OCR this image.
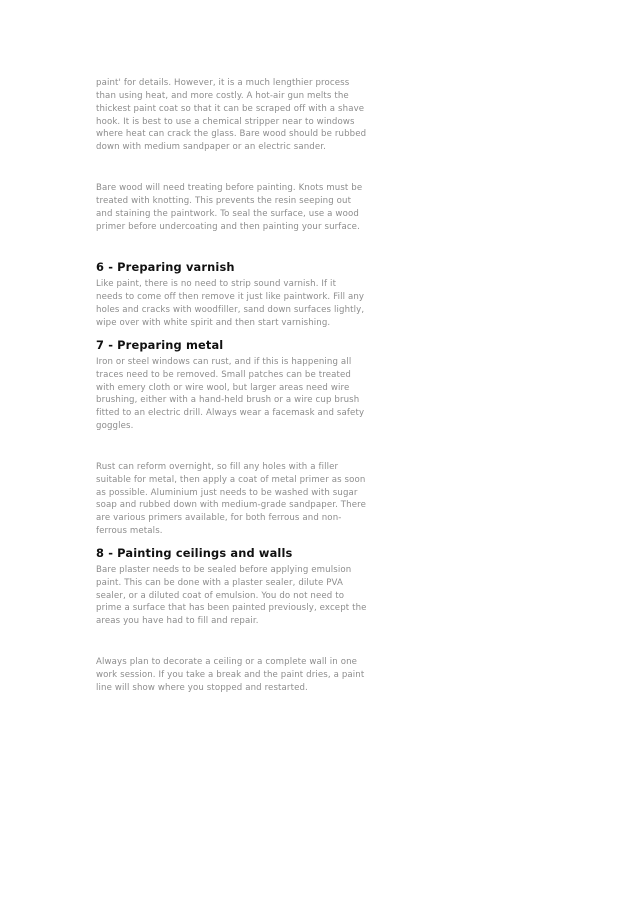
paint' for details. However, it is a much lengthier process
than using heat, and more costly. A hot-air gun melts the
thickest paint coat so that it can be scraped off with a shave
hook. It is best to use a chemical stripper near to windows
where heat can crack the glass. Bare wood should be rubbed
down with medium sandpaper or an electric sander.

Bare wood will need treating before painting. Knots must be
treated with knotting. This prevents the resin seeping out
and staining the paintwork. To seal the surface, use a wood
primer before undercoating and then painting your surface.

6 - Preparing varnish

Like paint, there is no need to strip sound varnish. If it
needs to come off then remove it just like paintwork. Fill any
holes and cracks with woodfiller, sand down surfaces lightly,
wipe over with white spirit and then start varnishing.

7 - Preparing metal

Iron or steel windows can rust, and if this is happening all
traces need to be removed. Small patches can be treated
with emery cloth or wire wool, but larger areas need wire
brushing, either with a hand-held brush or a wire cup brush
fitted to an electric drill. Always wear a facemask and safety
goggles.

Rust can reform overnight, so fill any holes with a filler
suitable for metal, then apply a coat of metal primer as soon
as possible. Aluminium just needs to be washed with sugar
soap and rubbed down with medium-grade sandpaper. There
are various primers available, for both ferrous and non-
ferrous metals.

8 - Painting ceilings and walls

Bare plaster needs to be sealed before applying emulsion
paint. This can be done with a plaster sealer, dilute PVA
sealer, or a diluted coat of emulsion. You do not need to
prime a surface that has been painted previously, except the
areas you have had to fill and repair.

Always plan to decorate a ceiling or a complete wall in one
work session. If you take a break and the paint dries, a paint
line will show where you stopped and restarted.
